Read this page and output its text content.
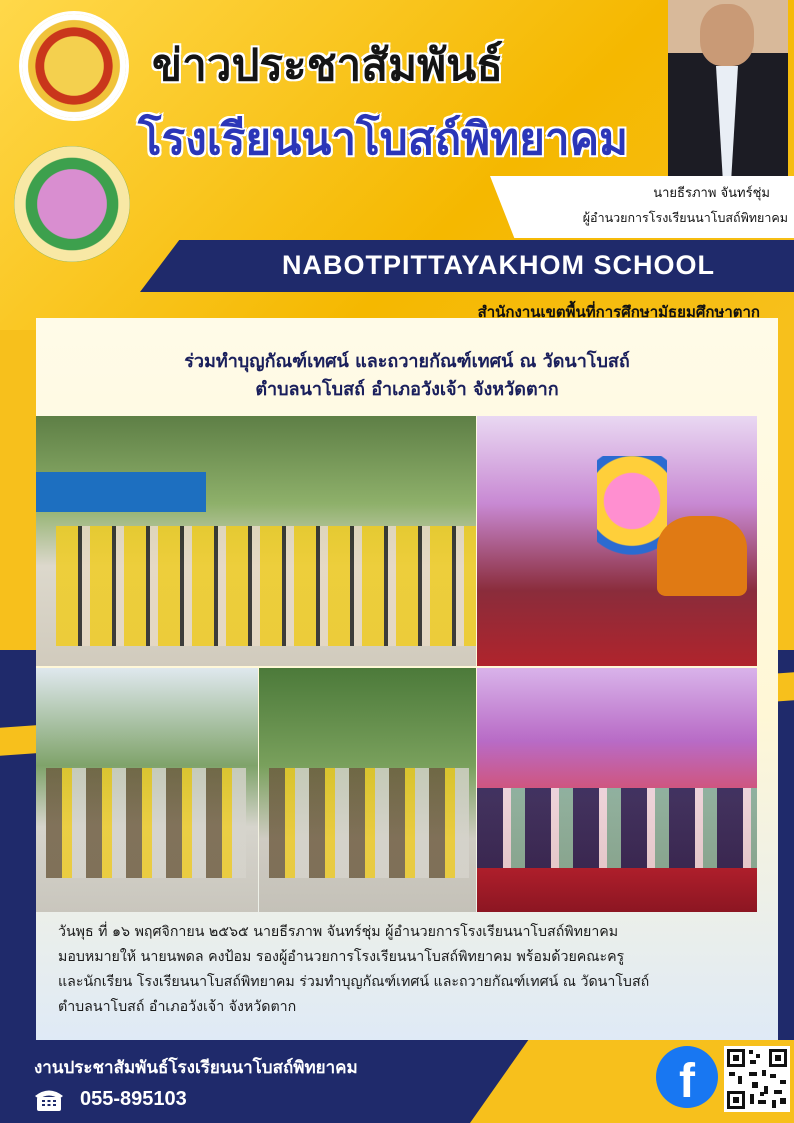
ข่าวประชาสัมพันธ์
โรงเรียนนาโบสถ์พิทยาคม
นายธีรภาพ จันทร์ชุ่ม
ผู้อำนวยการโรงเรียนนาโบสถ์พิทยาคม
NABOTPITTAYAKHOM SCHOOL
สำนักงานเขตพื้นที่การศึกษามัธยมศึกษาตาก
ร่วมทำบุญกัณฑ์เทศน์ และถวายกัณฑ์เทศน์ ณ วัดนาโบสถ์
ตำบลนาโบสถ์ อำเภอวังเจ้า จังหวัดตาก

วันพุธ ที่ ๑๖ พฤศจิกายน ๒๕๖๕ นายธีรภาพ จันทร์ชุ่ม ผู้อำนวยการโรงเรียนนาโบสถ์พิทยาคม

มอบหมายให้ นายนพดล คงป้อม รองผู้อำนวยการโรงเรียนนาโบสถ์พิทยาคม พร้อมด้วยคณะครู

และนักเรียน โรงเรียนนาโบสถ์พิทยาคม ร่วมทำบุญกัณฑ์เทศน์ และถวายกัณฑ์เทศน์ ณ วัดนาโบสถ์

ตำบลนาโบสถ์ อำเภอวังเจ้า จังหวัดตาก

งานประชาสัมพันธ์โรงเรียนนาโบสถ์พิทยาคม
055-895103	f
